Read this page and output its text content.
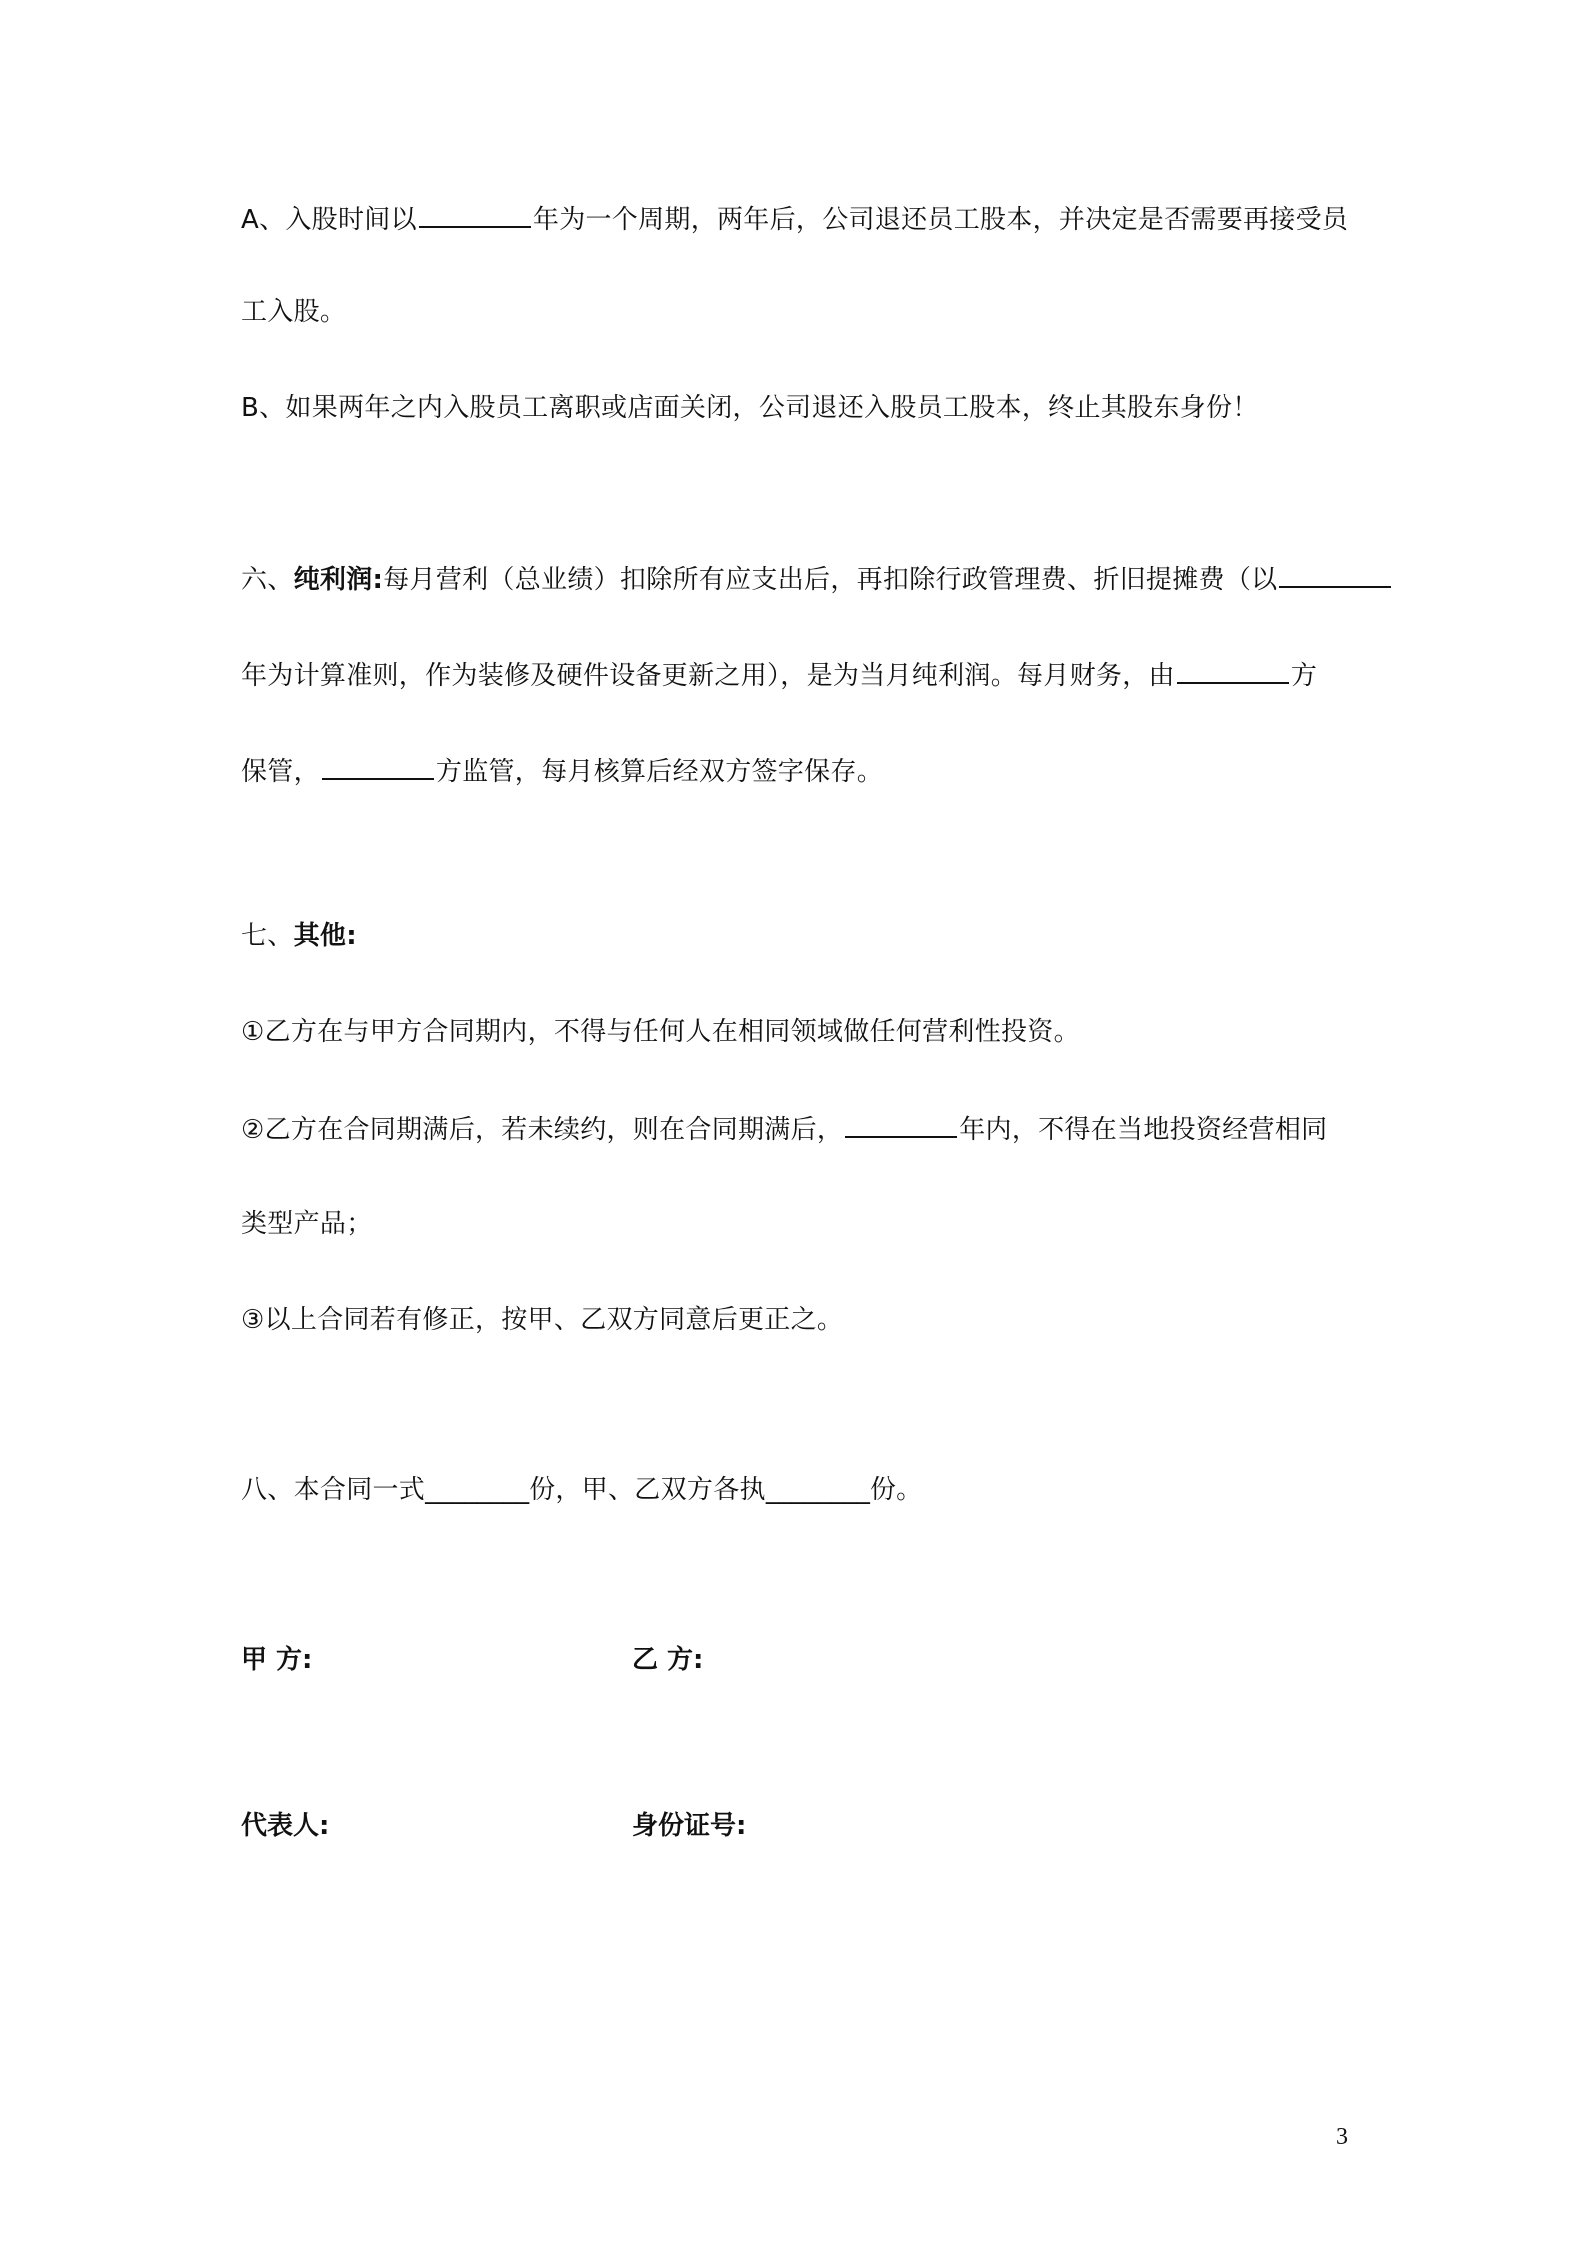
A、入股时间以	年为一个周期，两年后，公司退还员工股本，并决定是否需要再接受员
工入股。
B、如果两年之内入股员工离职或店面关闭，公司退还入股员工股本，终止其股东身份！
六、纯利润:每月营利（总业绩）扣除所有应支出后，再扣除行政管理费、折旧提摊费（以
年为计算准则，作为装修及硬件设备更新之用），是为当月纯利润。每月财务，由	方
保管，	方监管，每月核算后经双方签字保存。
七、其他:
①乙方在与甲方合同期内，不得与任何人在相同领域做任何营利性投资。
②乙方在合同期满后，若未续约，则在合同期满后，	年内，不得在当地投资经营相同
类型产品；
③以上合同若有修正，按甲、乙双方同意后更正之。
八、本合同一式________份，甲、乙双方各执________份。
甲 方:	乙 方:
代表人:	身份证号:
3
